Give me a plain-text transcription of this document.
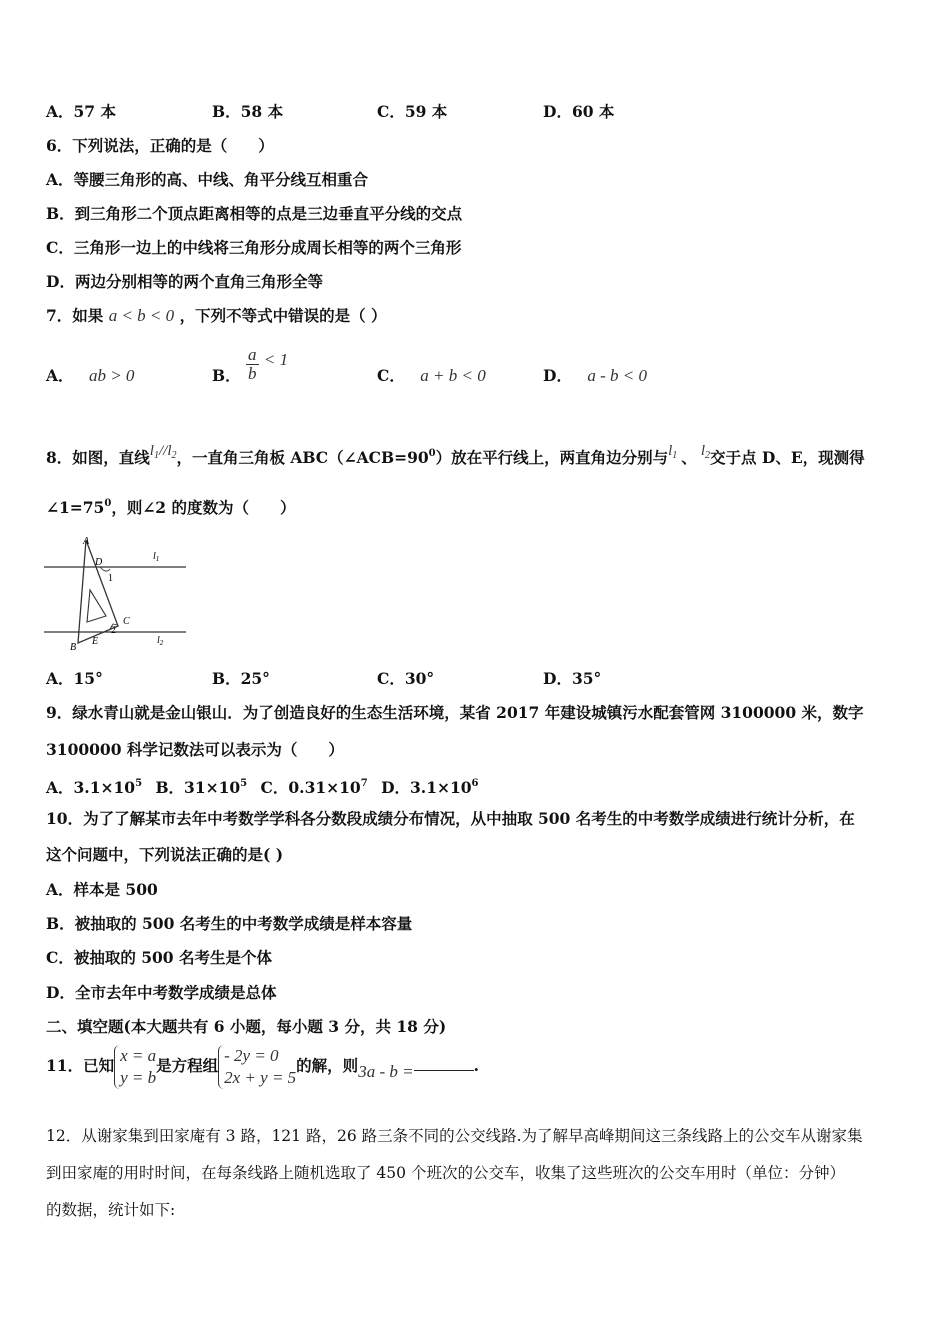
A．57 本	B．58 本	C．59 本	D．60 本
6．下列说法，正确的是（　　）
A．等腰三角形的高、中线、角平分线互相重合
B．到三角形二个顶点距离相等的点是三边垂直平分线的交点
C．三角形一边上的中线将三角形分成周长相等的两个三角形
D．两边分别相等的两个直角三角形全等
7．如果 a < b < 0 ，下列不等式中错误的是（ ）
A． ab > 0	B． $\frac{a}{b} < 1$
C． a + b < 0	D． a - b < 0
8．如图，直线$l_1//l_2$，一直角三角板 $ABC(\angle ACB=90^0)$放在平行线上，两直角边分别与$l_1$ 、 $l_2$交于点 D、E，现测得
$\angle 1=75^0$，则∠2 的度数为（　　）
A
D
1
C
2
E
B
$l_1$
$l_2$
A．15°	B．25°	C．30°	D．35°
9．绿水青山就是金山银山．为了创造良好的生态生活环境，某省 2017 年建设城镇污水配套管网 3100000 米，数字
3100000 科学记数法可以表示为（　　）
A．$3.1\times 10^5$ B．$31\times 10^5$ C．$0.31\times 10^7$ D．$3.1\times 10^6$
10．为了了解某市去年中考数学学科各分数段成绩分布情况，从中抽取 500 名考生的中考数学成绩进行统计分析，在
这个问题中，下列说法正确的是( )
A．样本是 500
B．被抽取的 500 名考生的中考数学成绩是样本容量
C．被抽取的 500 名考生是个体
D．全市去年中考数学成绩是总体
二、填空题(本大题共有 6 小题，每小题 3 分，共 18 分)
11．已知
x = a
y = b
是方程组
- 2y = 0
2x + y = 5
的解，则3a - b =	.
12．从谢家集到田家庵有 3 路，121 路，26 路三条不同的公交线路.为了解早高峰期间这三条线路上的公交车从谢家集
到田家庵的用时时间，在每条线路上随机选取了 450 个班次的公交车，收集了这些班次的公交车用时（单位：分钟）
的数据，统计如下:
